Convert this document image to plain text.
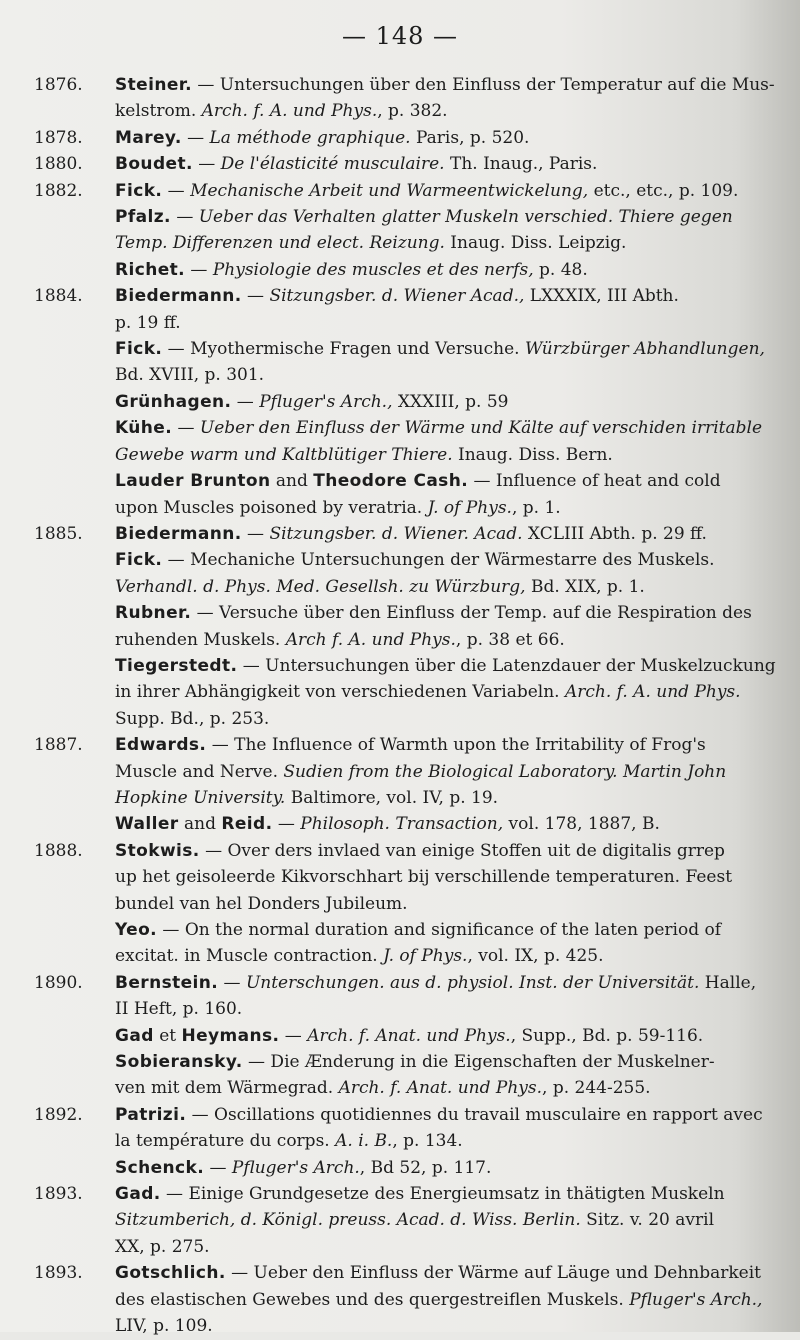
— 148 —
1876.	Steiner. — Untersuchungen über den Einfluss der Temperatur auf die Mus-
kelstrom. Arch. f. A. und Phys., p. 382.
1878.	Marey. — La méthode graphique. Paris, p. 520.
1880.	Boudet. — De l'élasticité musculaire. Th. Inaug., Paris.
1882.	Fick. — Mechanische Arbeit und Warmeentwickelung, etc., etc., p. 109.
Pfalz. — Ueber das Verhalten glatter Muskeln verschied. Thiere gegen
Temp. Differenzen und elect. Reizung. Inaug. Diss. Leipzig.
Richet. — Physiologie des muscles et des nerfs, p. 48.
1884.	Biedermann. — Sitzungsber. d. Wiener Acad., LXXXIX, III Abth.
p. 19 ff.
Fick. — Myothermische Fragen und Versuche. Würzbürger Abhandlungen,
Bd. XVIII, p. 301.
Grünhagen. — Pfluger's Arch., XXXIII, p. 59
Kühe. — Ueber den Einfluss der Wärme und Kälte auf verschiden irritable
Gewebe warm und Kaltblütiger Thiere. Inaug. Diss. Bern.
Lauder Brunton and Theodore Cash. — Influence of heat and cold
upon Muscles poisoned by veratria. J. of Phys., p. 1.
1885.	Biedermann. — Sitzungsber. d. Wiener. Acad. XCLIII Abth. p. 29 ff.
Fick. — Mechaniche Untersuchungen der Wärmestarre des Muskels.
Verhandl. d. Phys. Med. Gesellsh. zu Würzburg, Bd. XIX, p. 1.
Rubner. — Versuche über den Einfluss der Temp. auf die Respiration des
ruhenden Muskels. Arch f. A. und Phys., p. 38 et 66.
Tiegerstedt. — Untersuchungen über die Latenzdauer der Muskelzuckung
in ihrer Abhängigkeit von verschiedenen Variabeln. Arch. f. A. und Phys.
Supp. Bd., p. 253.
1887.	Edwards. — The Influence of Warmth upon the Irritability of Frog's
Muscle and Nerve. Sudien from the Biological Laboratory. Martin John
Hopkine University. Baltimore, vol. IV, p. 19.
Waller and Reid. — Philosoph. Transaction, vol. 178, 1887, B.
1888.	Stokwis. — Over ders invlaed van einige Stoffen uit de digitalis grrep
up het geisoleerde Kikvorschhart bij verschillende temperaturen. Feest
bundel van hel Donders Jubileum.
Yeo. — On the normal duration and significance of the laten period of
excitat. in Muscle contraction. J. of Phys., vol. IX, p. 425.
1890.	Bernstein. — Unterschungen. aus d. physiol. Inst. der Universität. Halle,
II Heft, p. 160.
Gad et Heymans. — Arch. f. Anat. und Phys., Supp., Bd. p. 59-116.
Sobieransky. — Die Ænderung in die Eigenschaften der Muskelner-
ven mit dem Wärmegrad. Arch. f. Anat. und Phys., p. 244-255.
1892.	Patrizi. — Oscillations quotidiennes du travail musculaire en rapport avec
la température du corps. A. i. B., p. 134.
Schenck. — Pfluger's Arch., Bd 52, p. 117.
1893.	Gad. — Einige Grundgesetze des Energieumsatz in thätigten Muskeln
Sitzumberich, d. Königl. preuss. Acad. d. Wiss. Berlin. Sitz. v. 20 avril
XX, p. 275.
1893.	Gotschlich. — Ueber den Einfluss der Wärme auf Läuge und Dehnbarkeit
des elastischen Gewebes und des quergestreiflen Muskels. Pfluger's Arch.,
LIV, p. 109.
